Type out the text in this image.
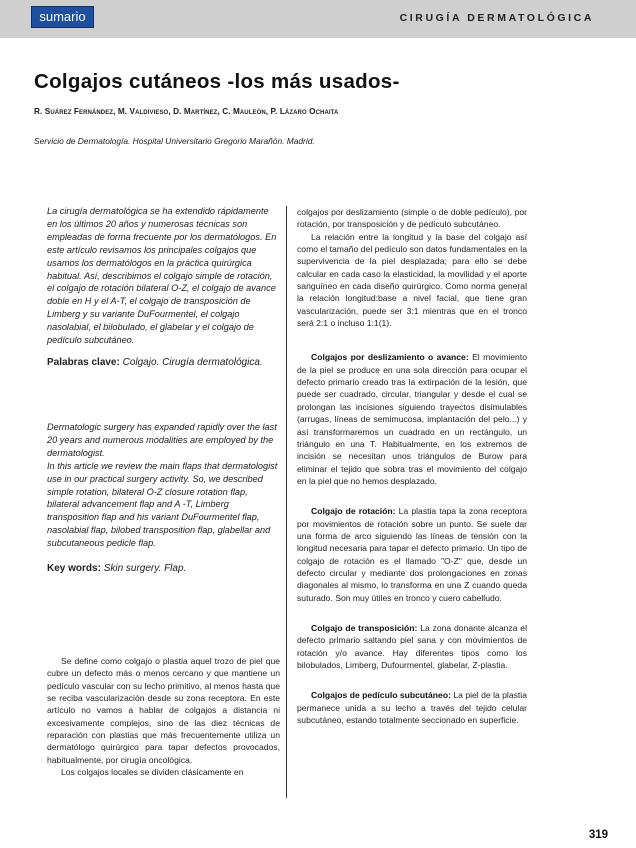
sumario	CIRUGÍA DERMATOLÓGICA
Colgajos cutáneos -los más usados-
R. Suárez Fernández, M. Valdivieso, D. Martínez, C. Mauleón, P. Lázaro Ochaita
Servicio de Dermatología. Hospital Universitario Gregorio Marañón. Madrid.

La cirugía dermatológica se ha extendido rápidamente en los últimos 20 años y numerosas técnicas son empleadas de forma frecuente por los dermatólogos. En este artículo revisamos los principales colgajos que usamos los dermatólogos en la práctica quirúrgica habitual. Así, describimos el colgajo simple de rotación, el colgajo de rotación bilateral O-Z, el colgajo de avance doble en H y el A-T, el colgajo de transposición de Limberg y su variante DuFourmentel, el colgajo nasolabial, el bilobulado, el glabelar y el colgajo de pedículo subcutáneo.

Palabras clave: Colgajo. Cirugía dermatológica.

Dermatologic surgery has expanded rapidly over the last 20 years and numerous modalities are employed by the dermatologist.

In this article we review the main flaps that dermatologist use in our practical surgery activity. So, we described simple rotation, bilateral O-Z closure rotation flap, bilateral advancement flap and A -T, Limberg transposition flap and his variant DuFourmentel flap, nasolabial flap, bilobed transposition flap, glabellar and subcutaneous pedicle flap.

Key words: Skin surgery. Flap.

Se define como colgajo o plastia aquel trozo de piel que cubre un defecto más o menos cercano y que mantiene un pedículo vascular con su lecho primitivo, al menos hasta que se reciba vascularización desde su zona receptora. En este artículo no vamos a hablar de colgajos a distancia ni excesivamente complejos, sino de las diez técnicas de reparación con plastias que más frecuentemente utiliza un dermatólogo quirúrgico para tapar defectos provocados, habitualmente, por cirugía oncológica.

Los colgajos locales se dividen clásicamente en

colgajos por deslizamiento (simple o de doble pedículo), por rotación, por transposición y de pedículo subcutáneo.

La relación entre la longitud y la base del colgajo así como el tamaño del pedículo son datos fundamentales en la supervivencia de la piel desplazada; para ello se debe calcular en cada caso la elasticidad, la movilidad y el aporte sanguíneo en cada diseño quirúrgico. Como norma general la relación longitud:base a nivel facial, que tiene gran vascularización, puede ser 3:1 mientras que en el tronco será 2:1 o incluso 1:1(1).

Colgajos por deslizamiento o avance: El movimiento de la piel se produce en una sola dirección para ocupar el defecto primario creado tras la extirpación de la lesión, que puede ser cuadrado, circular, triangular y desde el cual se prolongan las incisiones siguiendo trayectos disimulables (arrugas, líneas de semimucosa, implantación del pelo...) y así transformaremos un cuadrado en un rectángulo, un triángulo en una T. Habitualmente, en los extremos de incisión se necesitan unos triángulos de Burow para eliminar el tejido que sobra tras el movimiento del colgajo en la piel que no hemos desplazado.

Colgajo de rotación: La plastia tapa la zona receptora por movimientos de rotación sobre un punto. Se suele dar una forma de arco siguiendo las líneas de tensión con la longitud necesaria para tapar el defecto primario. Un tipo de colgajo de rotación es el llamado "O-Z" que, desde un defecto circular y mediante dos prolongaciones en zonas diagonales al mismo, lo transforma en una Z cuando queda suturado. Son muy útiles en tronco y cuero cabelludo.

Colgajo de transposición: La zona donante alcanza el defecto primario saltando piel sana y con movimientos de rotación y/o avance. Hay diferentes tipos como los bilobulados, Limberg, Dufourmentel, glabelar, Z-plastia.

Colgajos de pedículo subcutáneo: La piel de la plastia permanece unida a su lecho a través del tejido celular subcutáneo, estando totalmente seccionado en superficie.

319
